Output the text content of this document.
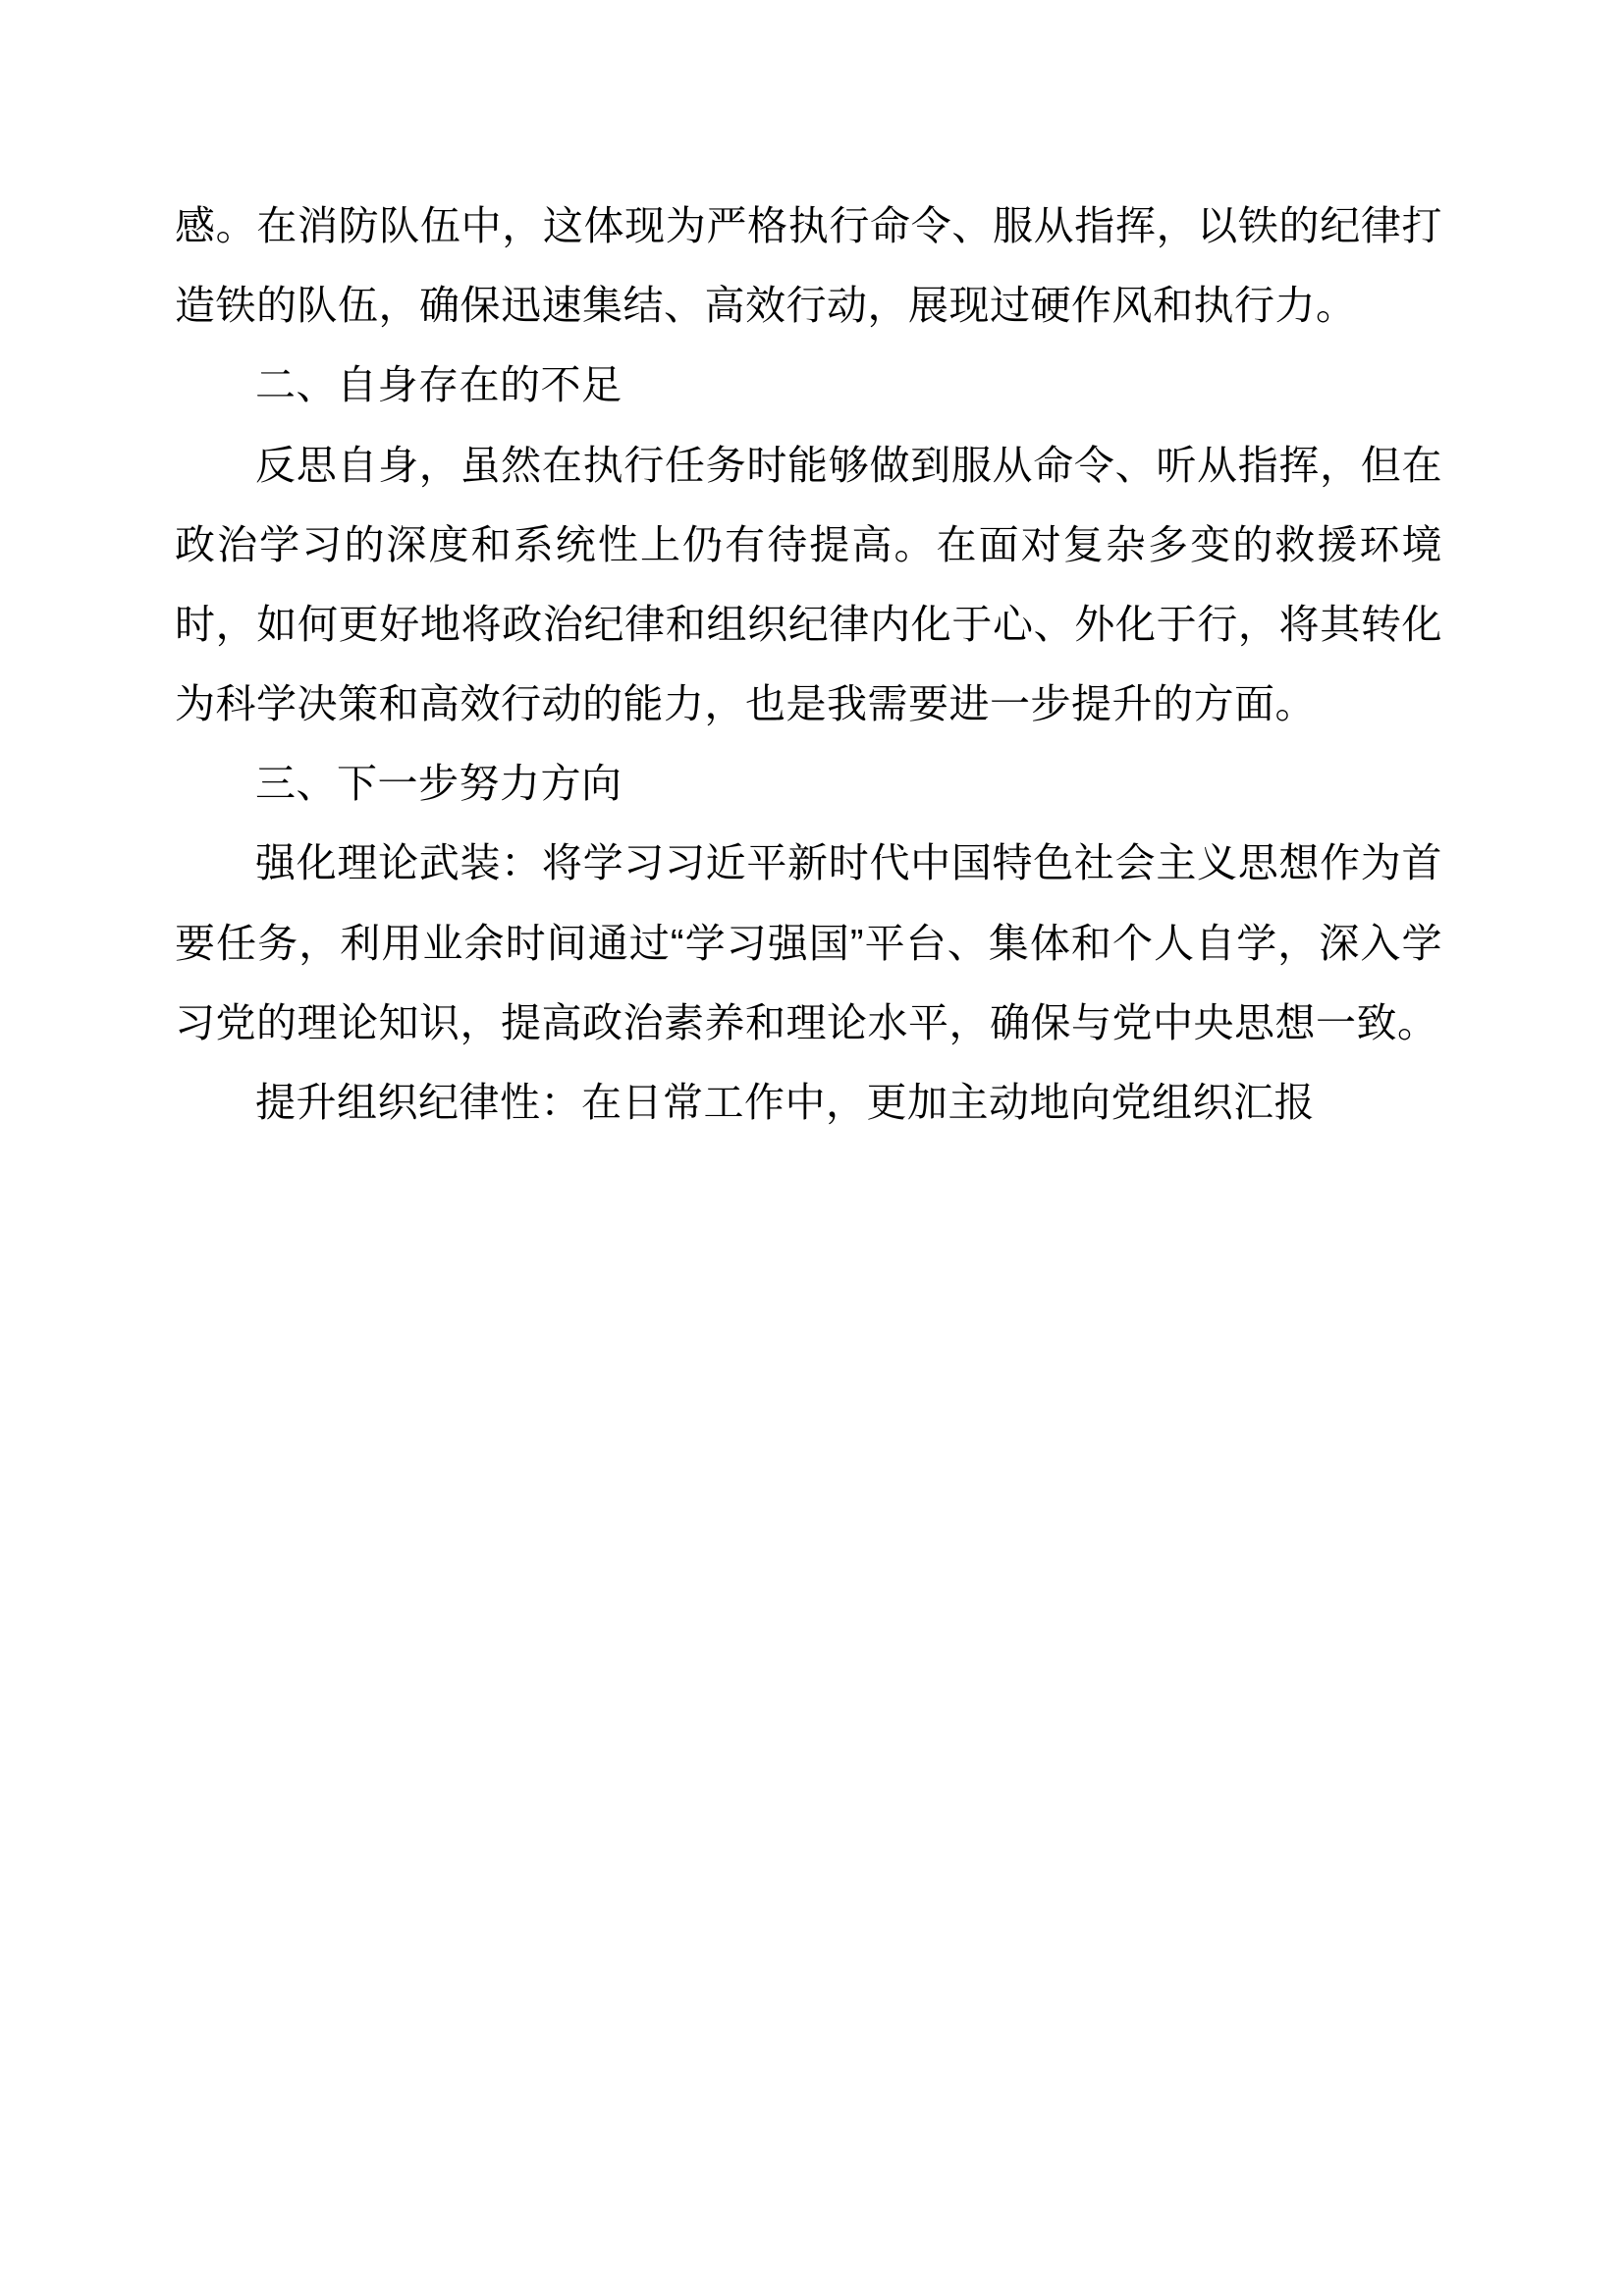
感。在消防队伍中，这体现为严格执行命令、服从指挥，以铁的纪律打造铁的队伍，确保迅速集结、高效行动，展现过硬作风和执行力。

二、自身存在的不足

反思自身，虽然在执行任务时能够做到服从命令、听从指挥，但在政治学习的深度和系统性上仍有待提高。在面对复杂多变的救援环境时，如何更好地将政治纪律和组织纪律内化于心、外化于行，将其转化为科学决策和高效行动的能力，也是我需要进一步提升的方面。

三、下一步努力方向

强化理论武装：将学习习近平新时代中国特色社会主义思想作为首要任务，利用业余时间通过“学习强国”平台、集体和个人自学，深入学习党的理论知识，提高政治素养和理论水平，确保与党中央思想一致。

提升组织纪律性：在日常工作中，更加主动地向党组织汇报
